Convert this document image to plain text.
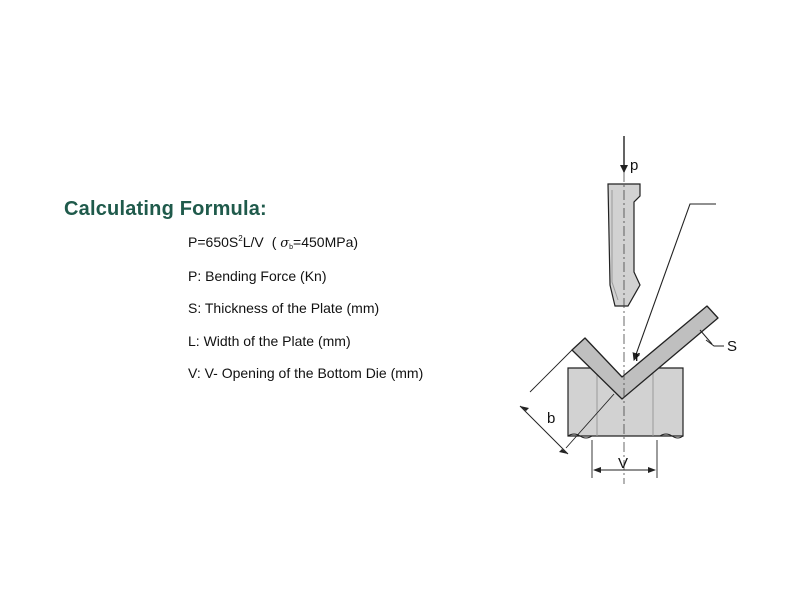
Calculating Formula:
$P=650S^2L/V$ ( $\sigma_b=450MPa$)
P: Bending Force (Kn)
S: Thickness of the Plate (mm)
L: Width of the Plate (mm)
V: V- Opening of the Bottom Die (mm)
p
r
S
b
V
